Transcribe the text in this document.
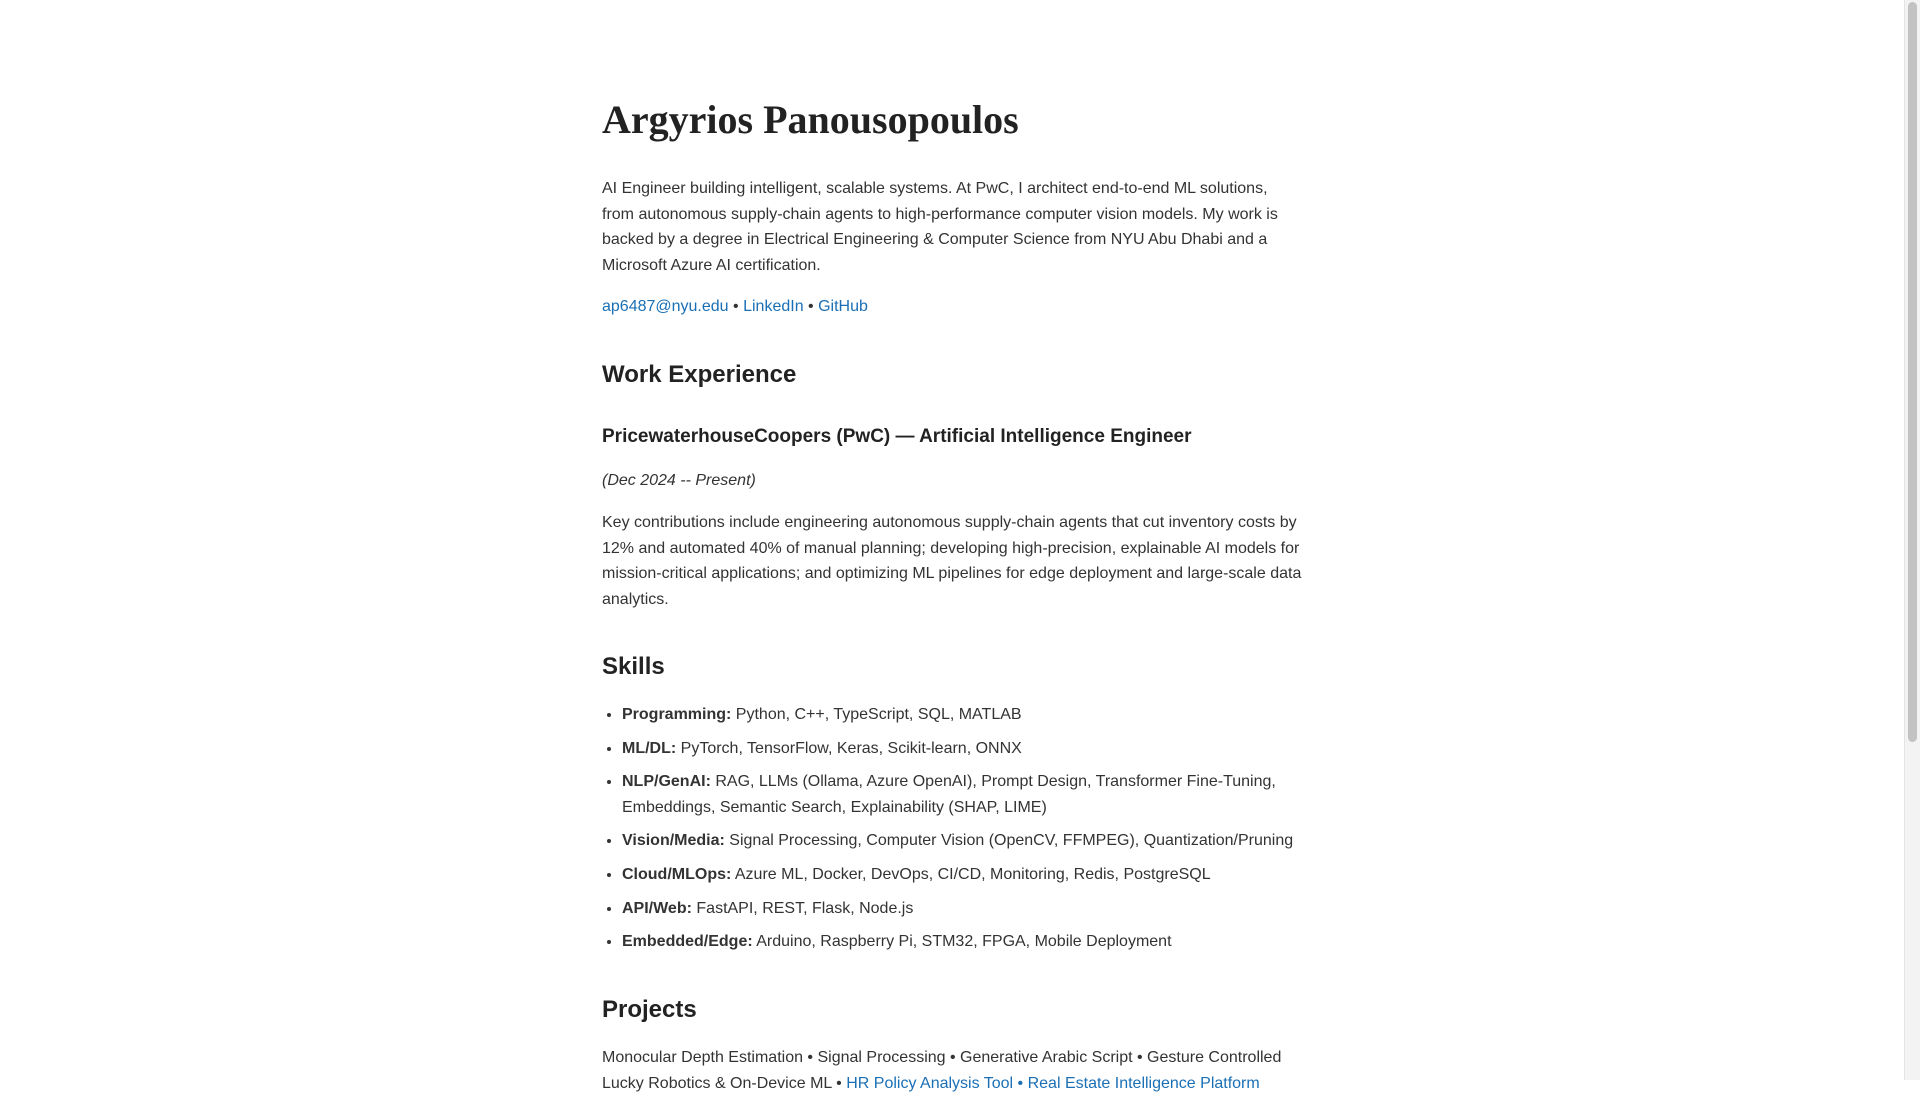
Argyrios Panousopoulos

AI Engineer building intelligent, scalable systems. At PwC, I architect end-to-end ML solutions, from autonomous supply-chain agents to high-performance computer vision models. My work is backed by a degree in Electrical Engineering & Computer Science from NYU Abu Dhabi and a Microsoft Azure AI certification.

ap6487@nyu.edu • LinkedIn • GitHub
Work Experience
PricewaterhouseCoopers (PwC) — Artificial Intelligence Engineer

(Dec 2024 -- Present)

Key contributions include engineering autonomous supply-chain agents that cut inventory costs by 12% and automated 40% of manual planning; developing high-precision, explainable AI models for mission-critical applications; and optimizing ML pipelines for edge deployment and large-scale data analytics.

Skills
• Programming: Python, C++, TypeScript, SQL, MATLAB
• ML/DL: PyTorch, TensorFlow, Keras, Scikit-learn, ONNX
• NLP/GenAI: RAG, LLMs (Ollama, Azure OpenAI), Prompt Design, Transformer Fine-Tuning, Embeddings, Semantic Search, Explainability (SHAP, LIME)
• Vision/Media: Signal Processing, Computer Vision (OpenCV, FFMPEG), Quantization/Pruning
• Cloud/MLOps: Azure ML, Docker, DevOps, CI/CD, Monitoring, Redis, PostgreSQL
• API/Web: FastAPI, REST, Flask, Node.js
• Embedded/Edge: Arduino, Raspberry Pi, STM32, FPGA, Mobile Deployment
Projects

Monocular Depth Estimation • Signal Processing • Generative Arabic Script • Gesture Controlled
Lucky Robotics & On-Device ML • HR Policy Analysis Tool • Real Estate Intelligence Platform
